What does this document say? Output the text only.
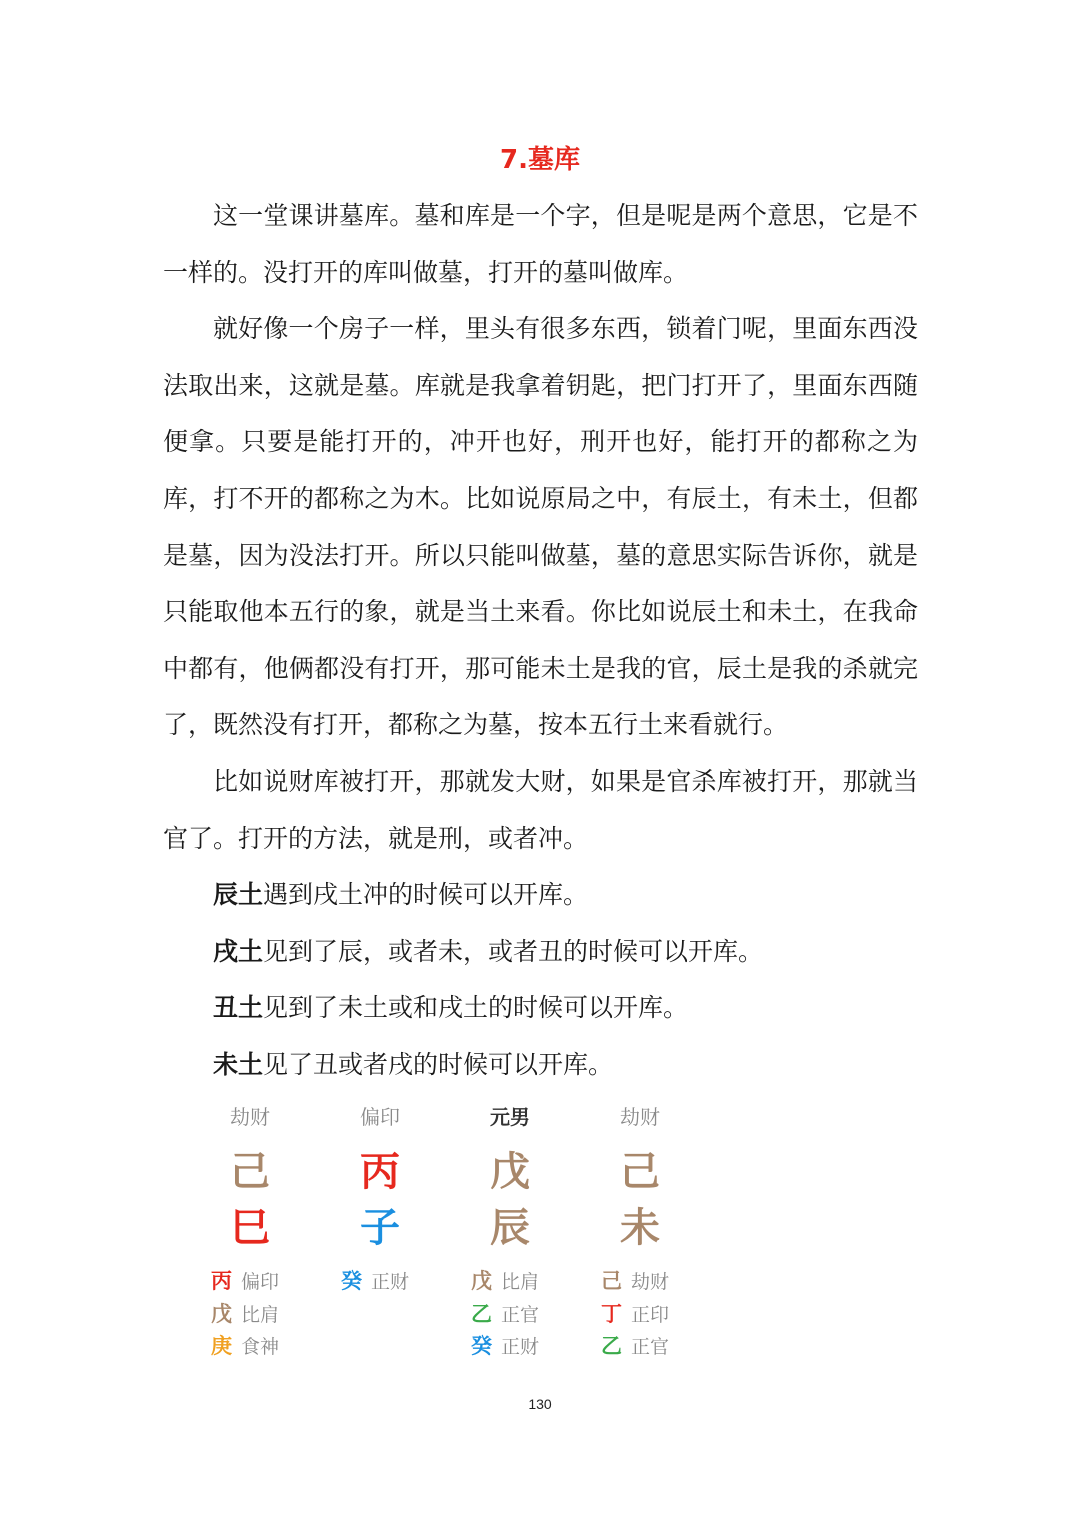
7.墓库

这一堂课讲墓库。墓和库是一个字，但是呢是两个意思，它是不一样的。没打开的库叫做墓，打开的墓叫做库。

就好像一个房子一样，里头有很多东西，锁着门呢，里面东西没法取出来，这就是墓。库就是我拿着钥匙，把门打开了，里面东西随便拿。只要是能打开的，冲开也好，刑开也好，能打开的都称之为库，打不开的都称之为木。比如说原局之中，有辰土，有未土，但都是墓，因为没法打开。所以只能叫做墓，墓的意思实际告诉你，就是只能取他本五行的象，就是当土来看。你比如说辰土和未土，在我命中都有，他俩都没有打开，那可能未土是我的官，辰土是我的杀就完了，既然没有打开，都称之为墓，按本五行土来看就行。

比如说财库被打开，那就发大财，如果是官杀库被打开，那就当官了。打开的方法，就是刑，或者冲。

辰土遇到戌土冲的时候可以开库。

戌土见到了辰，或者未，或者丑的时候可以开库。

丑土见到了未土或和戌土的时候可以开库。

未土见了丑或者戌的时候可以开库。

劫财
己
巳
丙 偏印
戊 比肩
庚 食神
偏印
丙
子
癸 正财
元男
戊
辰
戊 比肩
乙 正官
癸 正财
劫财
己
未
己 劫财
丁 正印
乙 正官
130
